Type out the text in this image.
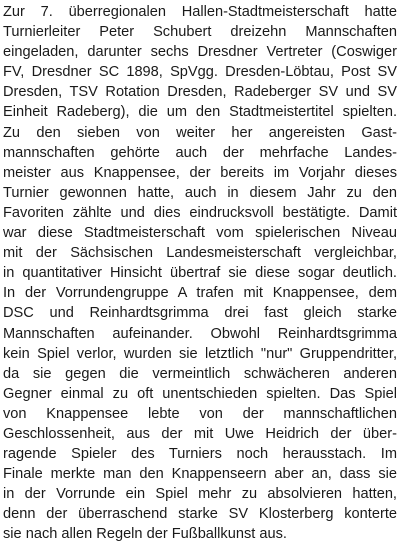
Zur 7. überregionalen Hallen-Stadtmeisterschaft hatte
Turnierleiter Peter Schubert dreizehn Mannschaften
eingeladen, darunter sechs Dresdner Vertreter (Coswiger
FV, Dresdner SC 1898, SpVgg. Dresden-Löbtau, Post SV
Dresden, TSV Rotation Dresden, Radeberger SV und SV
Einheit Radeberg), die um den Stadtmeistertitel spielten.
Zu den sieben von weiter her angereisten Gast-
mannschaften gehörte auch der mehrfache Landes-
meister aus Knappensee, der bereits im Vorjahr dieses
Turnier gewonnen hatte, auch in diesem Jahr zu den
Favoriten zählte und dies eindrucksvoll bestätigte. Damit
war diese Stadtmeisterschaft vom spielerischen Niveau
mit der Sächsischen Landesmeisterschaft vergleichbar,
in quantitativer Hinsicht übertraf sie diese sogar deutlich.
In der Vorrundengruppe A trafen mit Knappensee, dem
DSC und Reinhardtsgrimma drei fast gleich starke
Mannschaften aufeinander. Obwohl Reinhardtsgrimma
kein Spiel verlor, wurden sie letztlich "nur" Gruppendritter,
da sie gegen die vermeintlich schwächeren anderen
Gegner einmal zu oft unentschieden spielten. Das Spiel
von Knappensee lebte von der mannschaftlichen
Geschlossenheit, aus der mit Uwe Heidrich der über-
ragende Spieler des Turniers noch herausstach. Im
Finale merkte man den Knappenseern aber an, dass sie
in der Vorrunde ein Spiel mehr zu absolvieren hatten,
denn der überraschend starke SV Klosterberg konterte
sie nach allen Regeln der Fußballkunst aus.
